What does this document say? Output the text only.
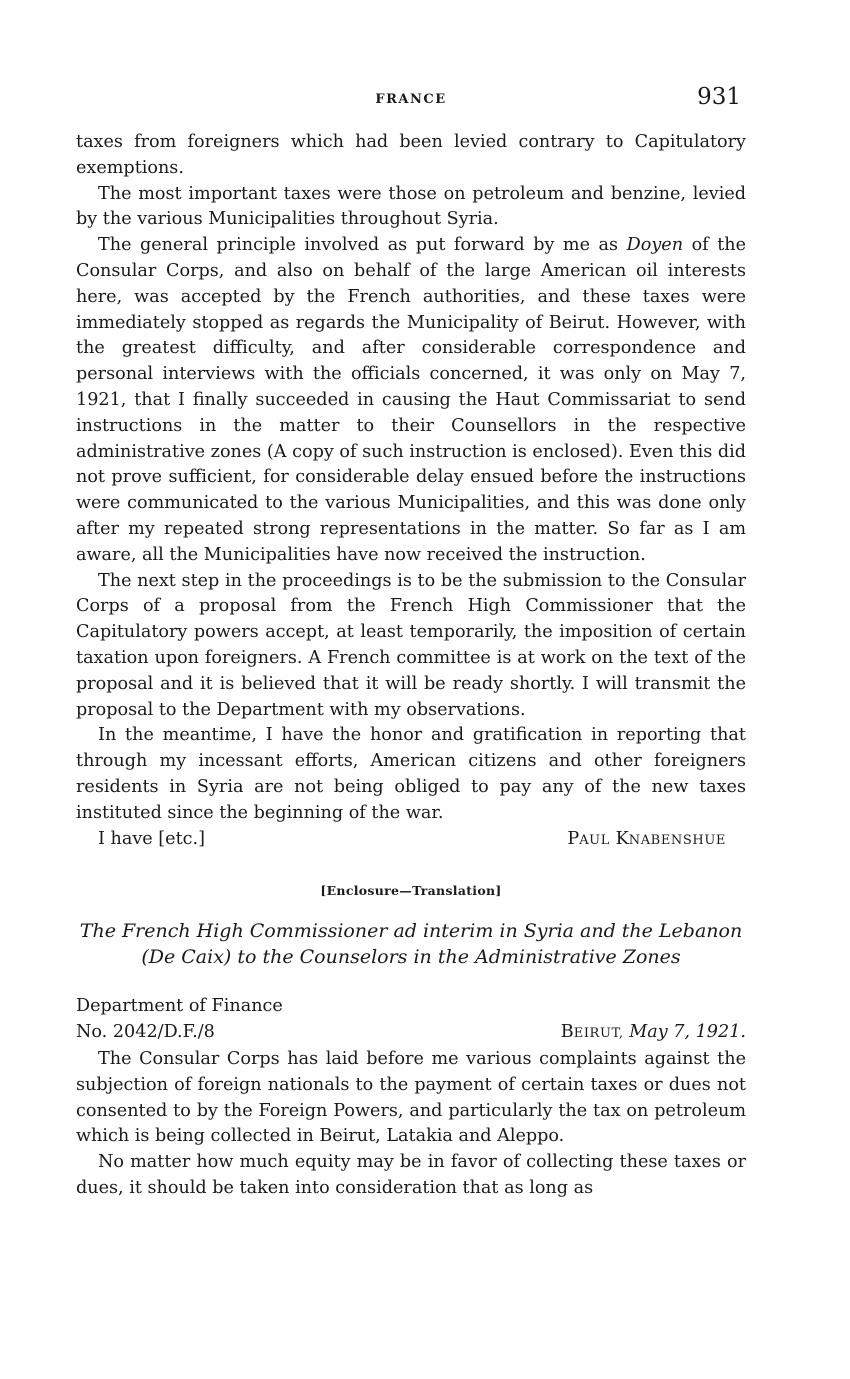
FRANCE	931

taxes from foreigners which had been levied contrary to Capitulatory exemptions.

The most important taxes were those on petroleum and benzine, levied by the various Municipalities throughout Syria.

The general principle involved as put forward by me as Doyen of the Consular Corps, and also on behalf of the large American oil interests here, was accepted by the French authorities, and these taxes were immediately stopped as regards the Municipality of Beirut. However, with the greatest difficulty, and after considerable correspondence and personal interviews with the officials concerned, it was only on May 7, 1921, that I finally succeeded in causing the Haut Commissariat to send instructions in the matter to their Counsellors in the respective administrative zones (A copy of such instruction is enclosed). Even this did not prove sufficient, for considerable delay ensued before the instructions were communicated to the various Municipalities, and this was done only after my repeated strong representations in the matter. So far as I am aware, all the Municipalities have now received the instruction.

The next step in the proceedings is to be the submission to the Consular Corps of a proposal from the French High Commissioner that the Capitulatory powers accept, at least temporarily, the imposition of certain taxation upon foreigners. A French committee is at work on the text of the proposal and it is believed that it will be ready shortly. I will transmit the proposal to the Department with my observations.

In the meantime, I have the honor and gratification in reporting that through my incessant efforts, American citizens and other foreigners residents in Syria are not being obliged to pay any of the new taxes instituted since the beginning of the war.

I have [etc.]	PAUL KNABENSHUE
[Enclosure—Translation]
The French High Commissioner ad interim in Syria and the Lebanon
(De Caix) to the Counselors in the Administrative Zones
Department of Finance
No. 2042/D.F./8	BEIRUT, May 7, 1921.

The Consular Corps has laid before me various complaints against the subjection of foreign nationals to the payment of certain taxes or dues not consented to by the Foreign Powers, and particularly the tax on petroleum which is being collected in Beirut, Latakia and Aleppo.

No matter how much equity may be in favor of collecting these taxes or dues, it should be taken into consideration that as long as
